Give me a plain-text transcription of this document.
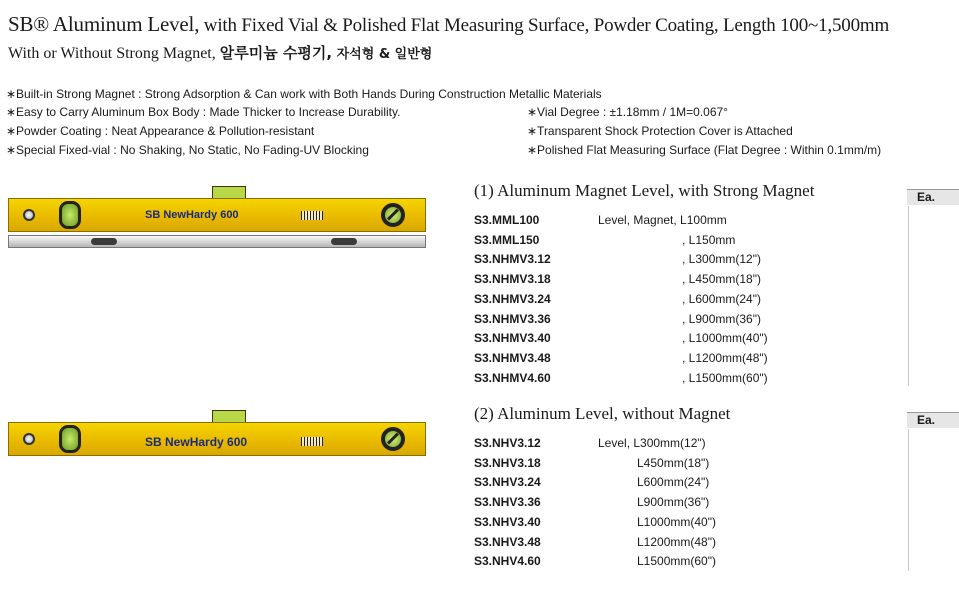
SB® Aluminum Level, with Fixed Vial & Polished Flat Measuring Surface, Powder Coating, Length 100~1,500mm
With or Without Strong Magnet, 알루미늄 수평기, 자석형 & 일반형
∗Built-in Strong Magnet : Strong Adsorption & Can work with Both Hands During Construction Metallic Materials
∗Easy to Carry Aluminum Box Body : Made Thicker to Increase Durability.
∗Powder Coating : Neat Appearance & Pollution-resistant
∗Special Fixed-vial : No Shaking, No Static, No Fading-UV Blocking
∗Vial Degree : ±1.18mm / 1M=0.067°
∗Transparent Shock Protection Cover is Attached
∗Polished Flat Measuring Surface (Flat Degree : Within 0.1mm/m)
SB NewHardy 600
SB NewHardy 600
(1) Aluminum Magnet Level, with Strong Magnet	Ea.
S3.MML100	Level, Magnet, L100mm
S3.MML150	, L150mm
S3.NHMV3.12	, L300mm(12")
S3.NHMV3.18	, L450mm(18")
S3.NHMV3.24	, L600mm(24")
S3.NHMV3.36	, L900mm(36")
S3.NHMV3.40	, L1000mm(40")
S3.NHMV3.48	, L1200mm(48")
S3.NHMV4.60	, L1500mm(60")
(2) Aluminum Level, without Magnet	Ea.
S3.NHV3.12	Level, L300mm(12")
S3.NHV3.18	L450mm(18")
S3.NHV3.24	L600mm(24")
S3.NHV3.36	L900mm(36")
S3.NHV3.40	L1000mm(40")
S3.NHV3.48	L1200mm(48")
S3.NHV4.60	L1500mm(60")
